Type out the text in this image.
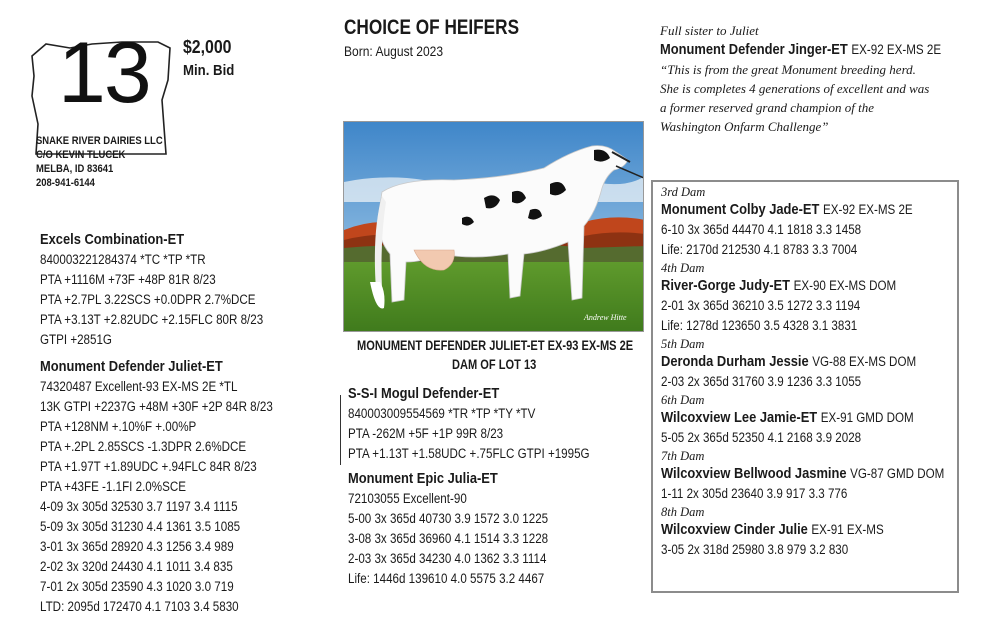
13 $2,000
Min. Bid
SNAKE RIVER DAIRIES LLC
C/O KEVIN TLUCEK
MELBA, ID 83641
208-941-6144
Excels Combination-ET
840003221284374 *TC *TP *TR
PTA +1116M +73F +48P 81R 8/23
PTA +2.7PL 3.22SCS +0.0DPR 2.7%DCE
PTA +3.13T +2.82UDC +2.15FLC 80R 8/23
GTPI +2851G
Monument Defender Juliet-ET
74320487 Excellent-93 EX-MS 2E *TL
13K GTPI +2237G +48M +30F +2P 84R 8/23
PTA +128NM +.10%F +.00%P
PTA +.2PL 2.85SCS -1.3DPR 2.6%DCE
PTA +1.97T +1.89UDC +.94FLC 84R 8/23
PTA +43FE -1.1FI 2.0%SCE
4-09 3x 305d 32530 3.7 1197 3.4 1115
5-09 3x 305d 31230 4.4 1361 3.5 1085
3-01 3x 365d 28920 4.3 1256 3.4 989
2-02 3x 320d 24430 4.1 1011 3.4 835
7-01 2x 305d 23590 4.3 1020 3.0 719
LTD: 2095d 172470 4.1 7103 3.4 5830
CHOICE OF HEIFERS
Born: August 2023
Andrew Hitte
MONUMENT DEFENDER JULIET-ET EX-93 EX-MS 2E
DAM OF LOT 13
S-S-I Mogul Defender-ET
840003009554569 *TR *TP *TY *TV
PTA -262M +5F +1P 99R 8/23
PTA +1.13T +1.58UDC +.75FLC GTPI +1995G
Monument Epic Julia-ET
72103055 Excellent-90
5-00 3x 365d 40730 3.9 1572 3.0 1225
3-08 3x 365d 36960 4.1 1514 3.3 1228
2-03 3x 365d 34230 4.0 1362 3.3 1114
Life: 1446d 139610 4.0 5575 3.2 4467
Full sister to Juliet
Monument Defender Jinger-ET EX-92 EX-MS 2E
“This is from the great Monument breeding herd.
She is completes 4 generations of excellent and was
a former reserved grand champion of the
Washington Onfarm Challenge”
3rd Dam
Monument Colby Jade-ET EX-92 EX-MS 2E
6-10 3x 365d 44470 4.1 1818 3.3 1458
Life: 2170d 212530 4.1 8783 3.3 7004
4th Dam
River-Gorge Judy-ET EX-90 EX-MS DOM
2-01 3x 365d 36210 3.5 1272 3.3 1194
Life: 1278d 123650 3.5 4328 3.1 3831
5th Dam
Deronda Durham Jessie VG-88 EX-MS DOM
2-03 2x 365d 31760 3.9 1236 3.3 1055
6th Dam
Wilcoxview Lee Jamie-ET EX-91 GMD DOM
5-05 2x 365d 52350 4.1 2168 3.9 2028
7th Dam
Wilcoxview Bellwood Jasmine VG-87 GMD DOM
1-11 2x 305d 23640 3.9 917 3.3 776
8th Dam
Wilcoxview Cinder Julie EX-91 EX-MS
3-05 2x 318d 25980 3.8 979 3.2 830
